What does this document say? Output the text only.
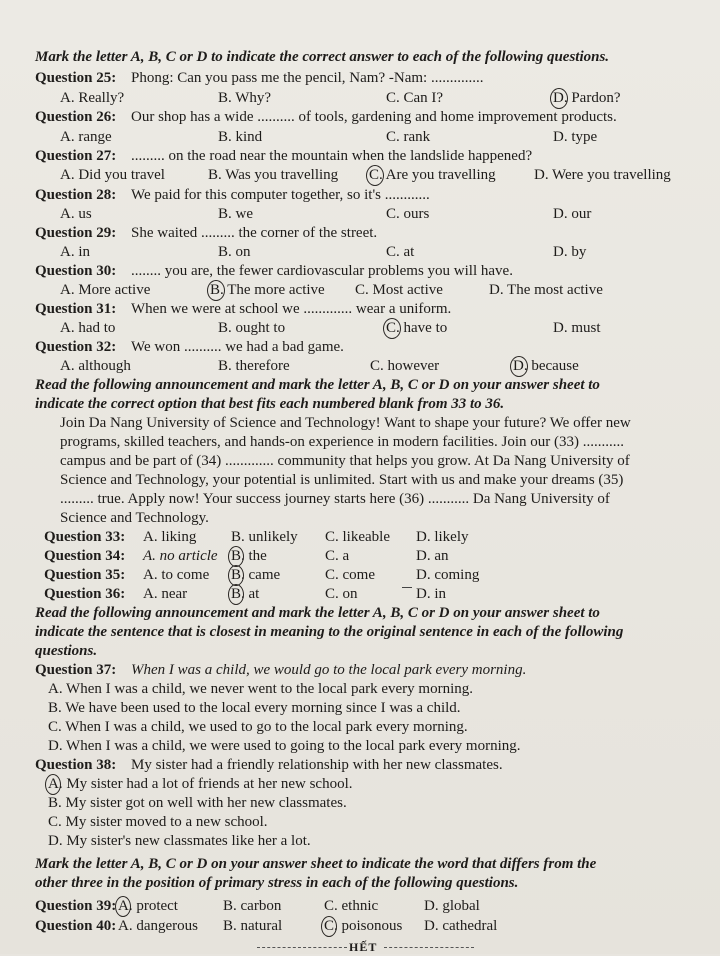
Mark the letter A, B, C or D to indicate the correct answer to each of the following questions.
Question 25: Phong: Can you pass me the pencil, Nam? -Nam: ..............
A. Really?	B. Why?	C. Can I?	D. Pardon?
Question 26: Our shop has a wide .......... of tools, gardening and home improvement products.
A. range	B. kind	C. rank	D. type
Question 27: ......... on the road near the mountain when the landslide happened?
A. Did you travel	B. Was you travelling C. Are you travelling	D. Were you travelling
Question 28: We paid for this computer together, so it's ............
A. us	B. we	C. ours	D. our
Question 29: She waited ......... the corner of the street.
A. in	B. on	C. at	D. by
Question 30: ........ you are, the fewer cardiovascular problems you will have.
A. More active	B. The more active C. Most active	D. The most active
Question 31: When we were at school we ............. wear a uniform.
A. had to	B. ought to	C. have to	D. must
Question 32: We won .......... we had a bad game.
A. although	B. therefore	C. however	D. because
Read the following announcement and mark the letter A, B, C or D on your answer sheet to
indicate the correct option that best fits each numbered blank from 33 to 36.
Join Da Nang University of Science and Technology! Want to shape your future? We offer new
programs, skilled teachers, and hands-on experience in modern facilities. Join our (33) ...........
campus and be part of (34) ............. community that helps you grow. At Da Nang University of
Science and Technology, your potential is unlimited. Start with us and make your dreams (35)
......... true. Apply now! Your success journey starts here (36) ........... Da Nang University of
Science and Technology.
Question 33: A. liking B. unlikely C. likeable D. likely
Question 34: A. no article B. the	C. a	D. an
Question 35: A. to come B. came	C. come	D. coming
Question 36: A. near	B. at	C. on	D. in
Read the following announcement and mark the letter A, B, C or D on your answer sheet to
indicate the sentence that is closest in meaning to the original sentence in each of the following
questions.
Question 37: When I was a child, we would go to the local park every morning.
A. When I was a child, we never went to the local park every morning.
B. We have been used to the local every morning since I was a child.
C. When I was a child, we used to go to the local park every morning.
D. When I was a child, we were used to going to the local park every morning.
Question 38: My sister had a friendly relationship with her new classmates.
A. My sister had a lot of friends at her new school.
B. My sister got on well with her new classmates.
C. My sister moved to a new school.
D. My sister's new classmates like her a lot.
Mark the letter A, B, C or D on your answer sheet to indicate the word that differs from the
other three in the position of primary stress in each of the following questions.
Question 39: A. protect	B. carbon	C. ethnic	D. global
Question 40: A. dangerous B. natural	C. poisonous D. cathedral
HẾT
